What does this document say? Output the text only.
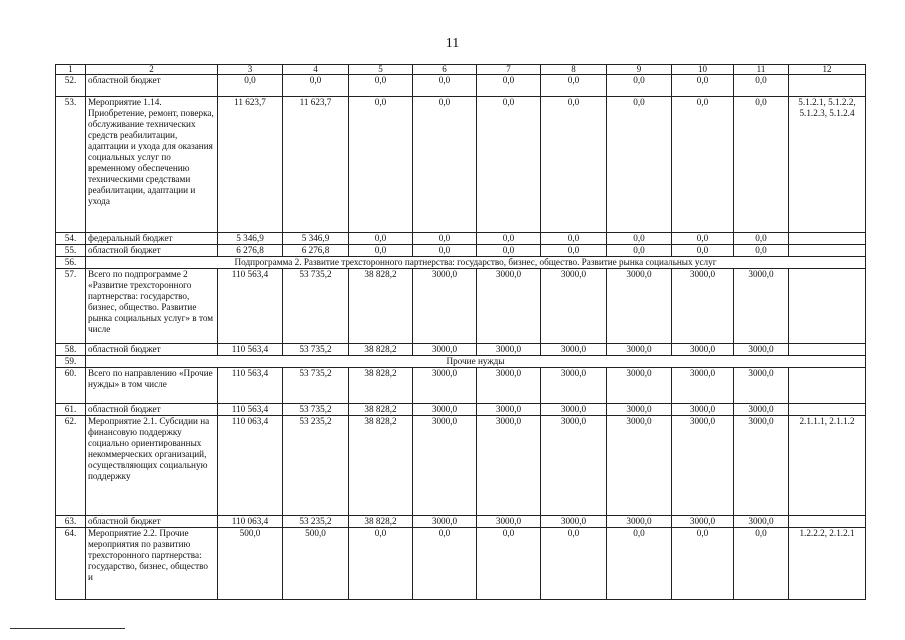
11
1	2	3	4	5	6	7	8	9	10	11	12
52.	областной бюджет	0,0	0,0	0,0	0,0	0,0	0,0	0,0	0,0	0,0	
53.	Мероприятие 1.14. Приобретение, ремонт, поверка, обслуживание технических средств реабилитации, адаптации и ухода для оказания социальных услуг по временному обеспечению техническими средствами реабилитации, адаптации и ухода	11 623,7	11 623,7	0,0	0,0	0,0	0,0	0,0	0,0	0,0	5.1.2.1, 5.1.2.2, 5.1.2.3, 5.1.2.4
54.	федеральный бюджет	5 346,9	5 346,9	0,0	0,0	0,0	0,0	0,0	0,0	0,0	
55.	областной бюджет	6 276,8	6 276,8	0,0	0,0	0,0	0,0	0,0	0,0	0,0	
56.	Подпрограмма 2. Развитие трехсторонного партнерства: государство, бизнес, общество. Развитие рынка социальных услуг										
57.	Всего по подпрограмме 2 «Развитие трехсторонного партнерства: государство, бизнес, общество. Развитие рынка социальных услуг» в том числе	110 563,4	53 735,2	38 828,2	3000,0	3000,0	3000,0	3000,0	3000,0	3000,0	
58.	областной бюджет	110 563,4	53 735,2	38 828,2	3000,0	3000,0	3000,0	3000,0	3000,0	3000,0	
59.	Прочие нужды										
60.	Всего по направлению «Прочие нужды» в том числе	110 563,4	53 735,2	38 828,2	3000,0	3000,0	3000,0	3000,0	3000,0	3000,0	
61.	областной бюджет	110 563,4	53 735,2	38 828,2	3000,0	3000,0	3000,0	3000,0	3000,0	3000,0	
62.	Мероприятие 2.1. Субсидии на финансовую поддержку социально ориентированных некоммерческих организаций, осуществляющих социальную поддержку	110 063,4	53 235,2	38 828,2	3000,0	3000,0	3000,0	3000,0	3000,0	3000,0	2.1.1.1, 2.1.1.2
63.	областной бюджет	110 063,4	53 235,2	38 828,2	3000,0	3000,0	3000,0	3000,0	3000,0	3000,0	
64.	Мероприятие 2.2. Прочие мероприятия по развитию трехсторонного партнерства: государство, бизнес, общество и	500,0	500,0	0,0	0,0	0,0	0,0	0,0	0,0	0,0	1.2.2.2, 2.1.2.1
